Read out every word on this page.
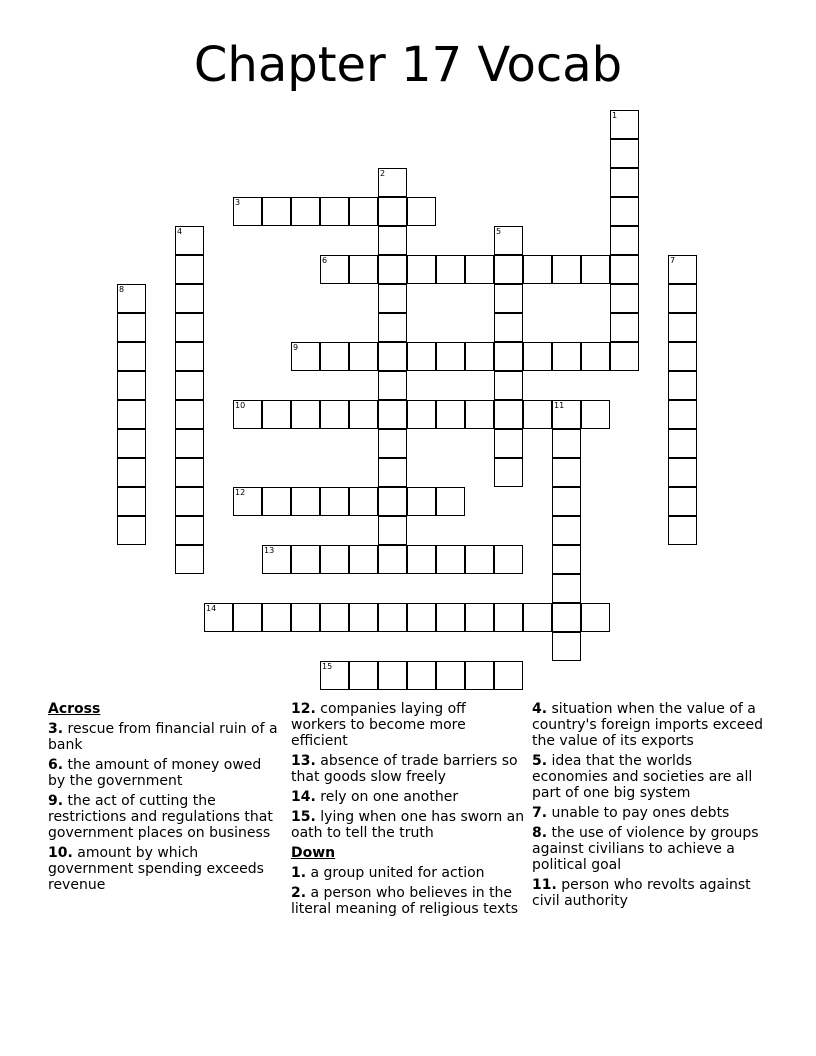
Chapter 17 Vocab
1
2
3
4	5
6	7
8
9
10	11
12
13
14
15
Across
3. rescue from financial ruin of a bank
6. the amount of money owed by the government
9. the act of cutting the restrictions and regulations that government places on business
10. amount by which government spending exceeds revenue
12. companies laying off workers to become more efficient
13. absence of trade barriers so that goods slow freely
14. rely on one another
15. lying when one has sworn an oath to tell the truth
Down
1. a group united for action
2. a person who believes in the literal meaning of religious texts
4. situation when the value of a country's foreign imports exceed the value of its exports
5. idea that the worlds economies and societies are all part of one big system
7. unable to pay ones debts
8. the use of violence by groups against civilians to achieve a political goal
11. person who revolts against civil authority
